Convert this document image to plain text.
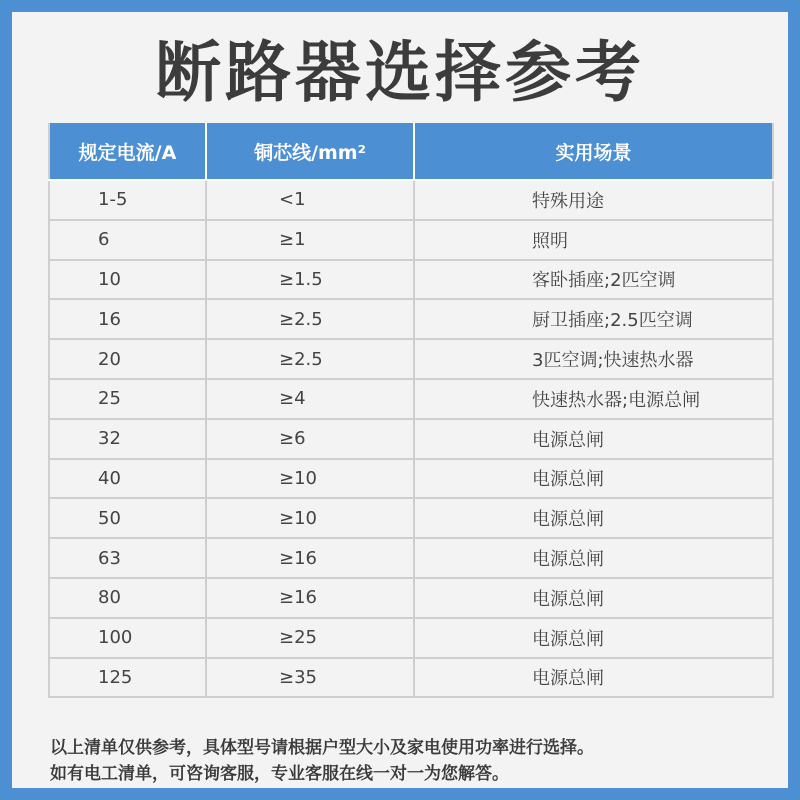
断路器选择参考
规定电流/A	铜芯线/mm²	实用场景
1-5	<1	特殊用途
6	≥1	照明
10	≥1.5	客卧插座;2匹空调
16	≥2.5	厨卫插座;2.5匹空调
20	≥2.5	3匹空调;快速热水器
25	≥4	快速热水器;电源总闸
32	≥6	电源总闸
40	≥10	电源总闸
50	≥10	电源总闸
63	≥16	电源总闸
80	≥16	电源总闸
100	≥25	电源总闸
125	≥35	电源总闸
以上清单仅供参考，具体型号请根据户型大小及家电使用功率进行选择。
如有电工清单，可咨询客服，专业客服在线一对一为您解答。
